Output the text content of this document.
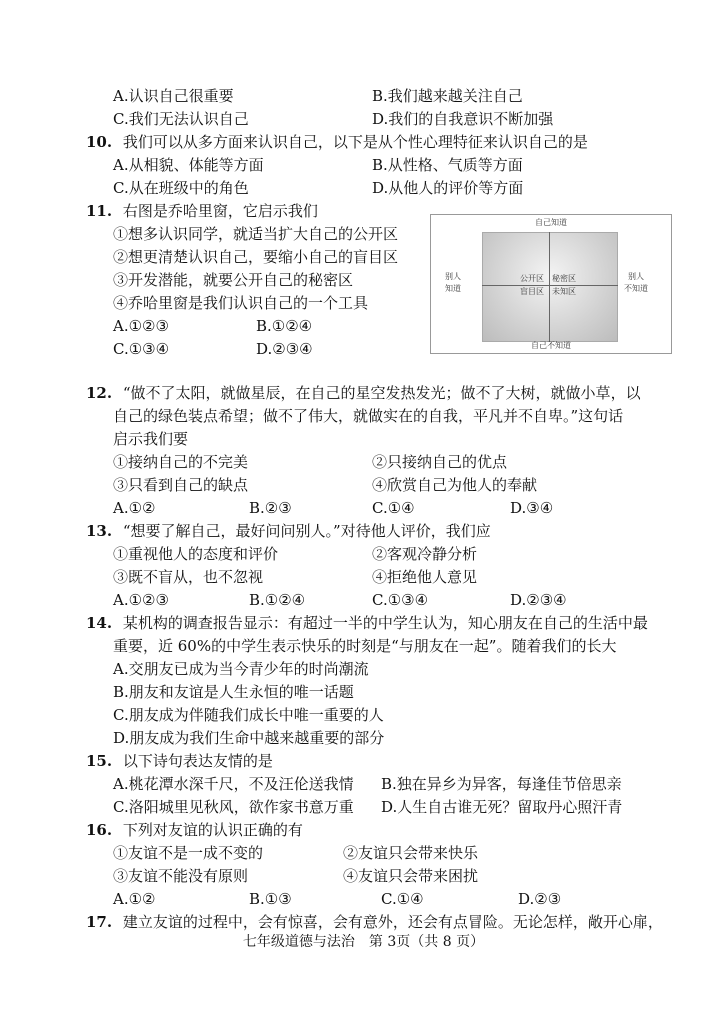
A.认识自己很重要	B.我们越来越关注自己
C.我们无法认识自己	D.我们的自我意识不断加强
10. 我们可以从多方面来认识自己，以下是从个性心理特征来认识自己的是
A.从相貌、体能等方面	B.从性格、气质等方面
C.从在班级中的角色	D.从他人的评价等方面
11. 右图是乔哈里窗，它启示我们
①想多认识同学，就适当扩大自己的公开区
②想更清楚认识自己，要缩小自己的盲目区
③开发潜能，就要公开自己的秘密区
④乔哈里窗是我们认识自己的一个工具
A.①②③	B.①②④
C.①③④	D.②③④
自己知道
自己不知道
别人
知道
别人
不知道
公开区 秘密区
盲目区 未知区
12. “做不了太阳，就做星辰，在自己的星空发热发光；做不了大树，就做小草，以
自己的绿色装点希望；做不了伟大，就做实在的自我，平凡并不自卑。”这句话
启示我们要
①接纳自己的不完美	②只接纳自己的优点
③只看到自己的缺点	④欣赏自己为他人的奉献
A.①②	B.②③	C.①④	D.③④
13. “想要了解自己，最好问问别人。”对待他人评价，我们应
①重视他人的态度和评价	②客观冷静分析
③既不盲从，也不忽视	④拒绝他人意见
A.①②③	B.①②④	C.①③④	D.②③④
14. 某机构的调查报告显示：有超过一半的中学生认为，知心朋友在自己的生活中最
重要，近 60%的中学生表示快乐的时刻是“与朋友在一起”。随着我们的长大
A.交朋友已成为当今青少年的时尚潮流
B.朋友和友谊是人生永恒的唯一话题
C.朋友成为伴随我们成长中唯一重要的人
D.朋友成为我们生命中越来越重要的部分
15. 以下诗句表达友情的是
A.桃花潭水深千尺，不及汪伦送我情 B.独在异乡为异客，每逢佳节倍思亲
C.洛阳城里见秋风，欲作家书意万重 D.人生自古谁无死？留取丹心照汗青
16. 下列对友谊的认识正确的有
①友谊不是一成不变的	②友谊只会带来快乐
③友谊不能没有原则	④友谊只会带来困扰
A.①②	B.①③	C.①④	D.②③
17. 建立友谊的过程中，会有惊喜，会有意外，还会有点冒险。无论怎样，敞开心扉，
七年级道德与法治　第 3页（共 8 页）
